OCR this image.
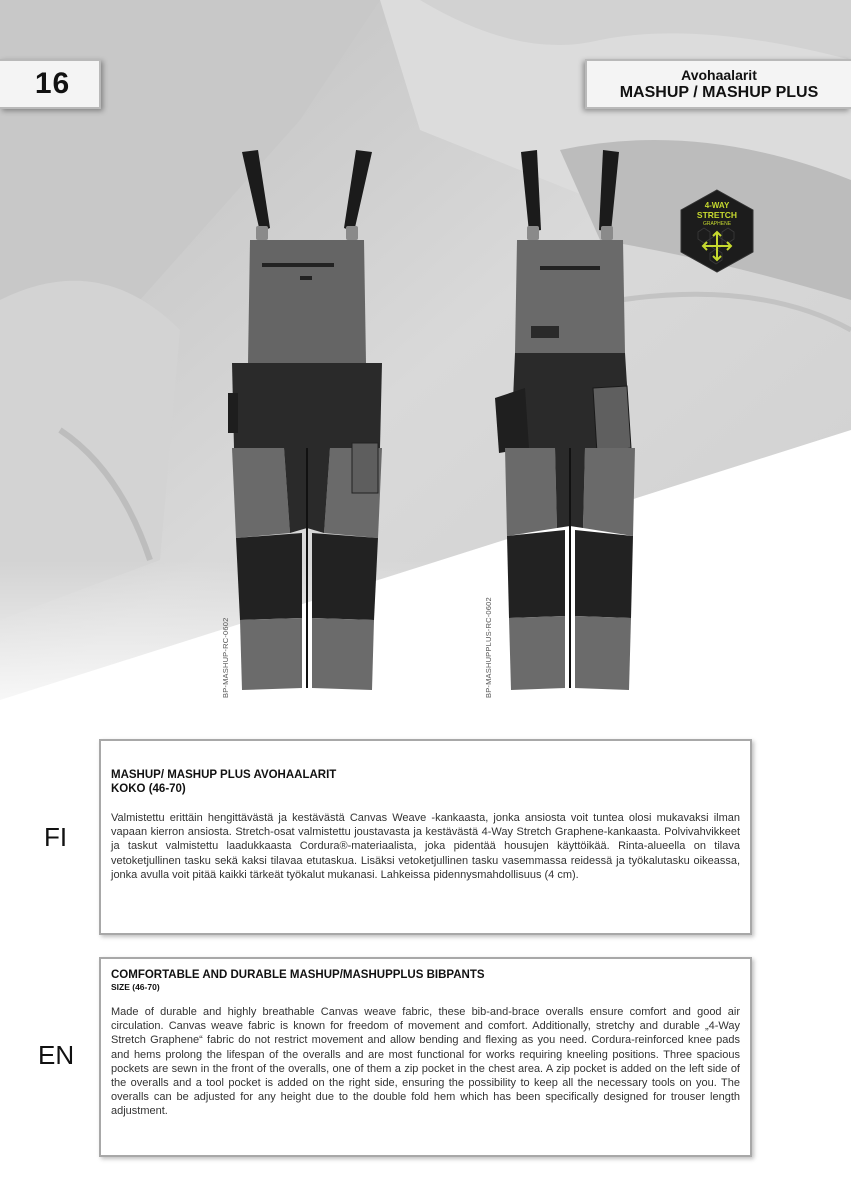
16	Avohaalarit
MASHUP / MASHUP PLUS
4-WAY
STRETCH
GRAPHENE
BP-MASHUP-RC-0602	BP-MASHUPPLUS-RC-0602
FI

MASHUP/ MASHUP PLUS AVOHAALARIT

KOKO (46-70)

Valmistettu erittäin hengittävästä ja kestävästä Canvas Weave -kankaasta, jonka ansiosta voit tuntea olosi mukavaksi ilman vapaan kierron ansiosta. Stretch-osat valmistettu joustavasta ja kestävästä 4-Way Stretch Graphene-kankaasta. Polvivahvikkeet ja taskut valmistettu laadukkaasta Cordura®-materiaalista, joka pidentää housujen käyttöikää. Rinta-alueella on tilava vetoketjullinen tasku sekä kaksi tilavaa etutaskua. Lisäksi vetoketjullinen tasku vasemmassa reidessä ja työkalutasku oikeassa, jonka avulla voit pitää kaikki tärkeät työkalut mukanasi. Lahkeissa pidennysmahdollisuus (4 cm).

EN

COMFORTABLE AND DURABLE MASHUP/MASHUPPLUS BIBPANTS

SIZE (46-70)

Made of durable and highly breathable Canvas weave fabric, these bib-and-brace overalls ensure comfort and good air circulation. Canvas weave fabric is known for freedom of movement and comfort. Additionally, stretchy and durable „4-Way Stretch Graphene“ fabric do not restrict movement and allow bending and flexing as you need. Cordura-reinforced knee pads and hems prolong the lifespan of the overalls and are most functional for works requiring kneeling positions. Three spacious pockets are sewn in the front of the overalls, one of them a zip pocket in the chest area. A zip pocket is added on the left side of the overalls and a tool pocket is added on the right side, ensuring the possibility to keep all the necessary tools on you. The overalls can be adjusted for any height due to the double fold hem which has been specifically designed for trouser length adjustment.
